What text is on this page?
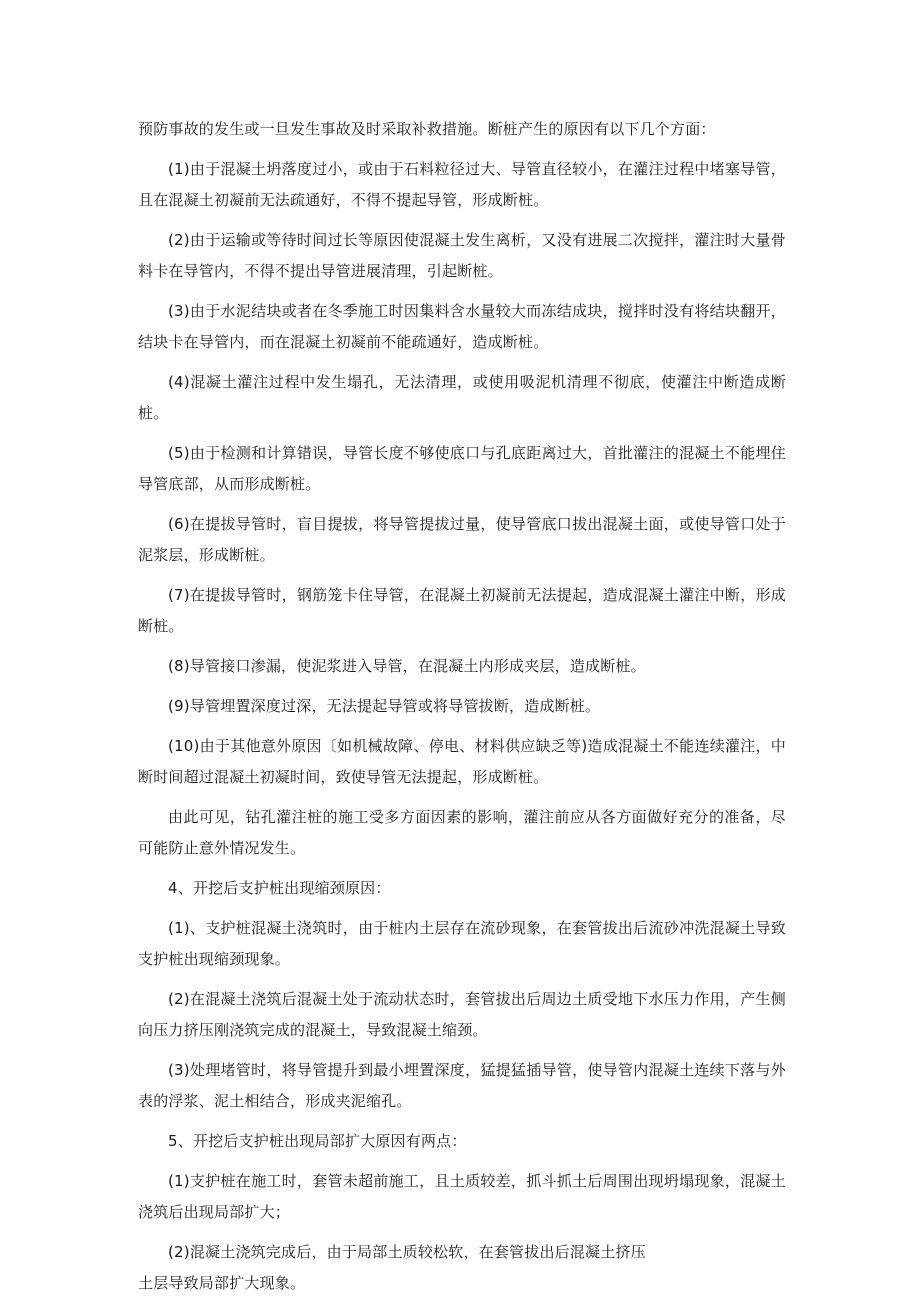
预防事故的发生或一旦发生事故及时采取补救措施。断桩产生的原因有以下几个方面：

(1)由于混凝土坍落度过小，或由于石料粒径过大、导管直径较小，在灌注过程中堵塞导管，且在混凝土初凝前无法疏通好，不得不提起导管，形成断桩。

(2)由于运输或等待时间过长等原因使混凝土发生离析，又没有进展二次搅拌，灌注时大量骨料卡在导管内，不得不提出导管进展清理，引起断桩。

(3)由于水泥结块或者在冬季施工时因集料含水量较大而冻结成块，搅拌时没有将结块翻开，结块卡在导管内，而在混凝土初凝前不能疏通好，造成断桩。

(4)混凝土灌注过程中发生塌孔，无法清理，或使用吸泥机清理不彻底，使灌注中断造成断桩。

(5)由于检测和计算错误，导管长度不够使底口与孔底距离过大，首批灌注的混凝土不能埋住导管底部，从而形成断桩。

(6)在提拔导管时，盲目提拔，将导管提拔过量，使导管底口拔出混凝土面，或使导管口处于泥浆层，形成断桩。

(7)在提拔导管时，钢筋笼卡住导管，在混凝土初凝前无法提起，造成混凝土灌注中断，形成断桩。

(8)导管接口渗漏，使泥浆进入导管，在混凝土内形成夹层，造成断桩。

(9)导管埋置深度过深，无法提起导管或将导管拔断，造成断桩。

(10)由于其他意外原因〔如机械故障、停电、材料供应缺乏等)造成混凝土不能连续灌注，中断时间超过混凝土初凝时间，致使导管无法提起，形成断桩。

由此可见，钻孔灌注桩的施工受多方面因素的影响，灌注前应从各方面做好充分的准备，尽可能防止意外情况发生。

4、开挖后支护桩出现缩颈原因：

(1)、支护桩混凝土浇筑时，由于桩内土层存在流砂现象，在套管拔出后流砂冲洗混凝土导致支护桩出现缩颈现象。

(2)在混凝土浇筑后混凝土处于流动状态时，套管拔出后周边土质受地下水压力作用，产生侧向压力挤压刚浇筑完成的混凝土，导致混凝土缩颈。

(3)处理堵管时，将导管提升到最小埋置深度，猛提猛插导管，使导管内混凝土连续下落与外表的浮浆、泥土相结合，形成夹泥缩孔。

5、开挖后支护桩出现局部扩大原因有两点：

(1)支护桩在施工时，套管未超前施工，且土质较差，抓斗抓土后周围出现坍塌现象，混凝土浇筑后出现局部扩大；

(2)混凝土浇筑完成后，由于局部土质较松软，在套管拔出后混凝土挤压

土层导致局部扩大现象。
